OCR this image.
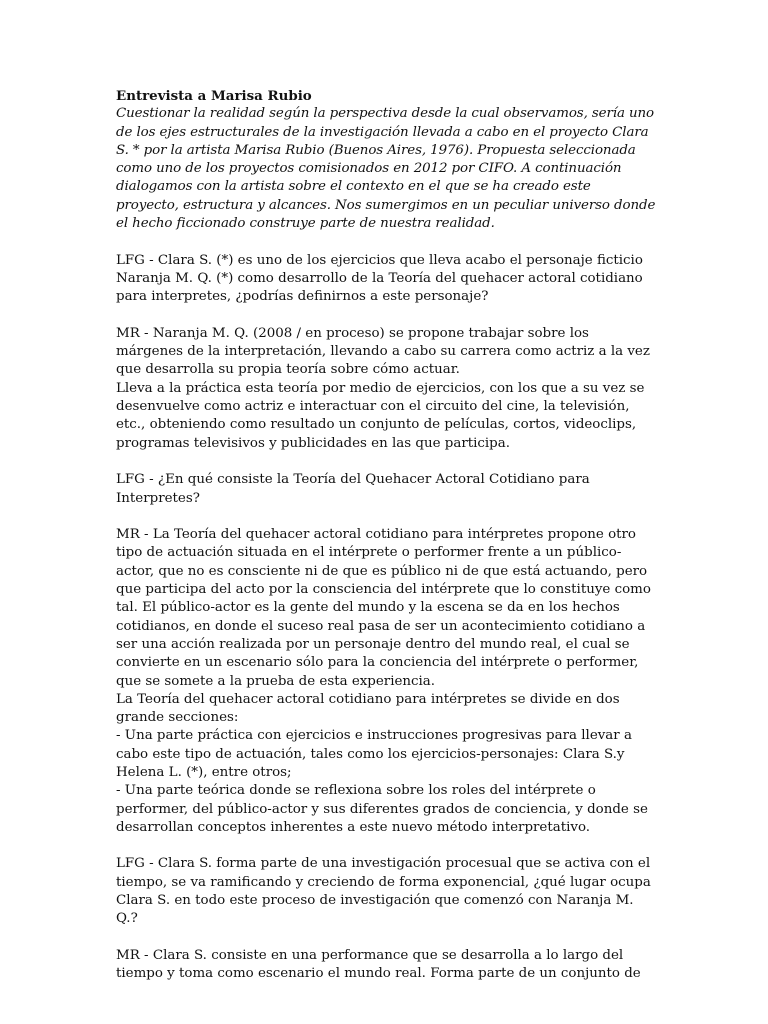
Entrevista a Marisa Rubio

Cuestionar la realidad según la perspectiva desde la cual observamos, sería uno de los ejes estructurales de la investigación llevada a cabo en el proyecto Clara S. * por la artista Marisa Rubio (Buenos Aires, 1976). Propuesta seleccionada como uno de los proyectos comisionados en 2012 por CIFO. A continuación dialogamos con la artista sobre el contexto en el que se ha creado este proyecto, estructura y alcances. Nos sumergimos en un peculiar universo donde el hecho ficcionado construye parte de nuestra realidad.

LFG - Clara S. (*) es uno de los ejercicios que lleva acabo el personaje ficticio Naranja M. Q. (*) como desarrollo de la Teoría del quehacer actoral cotidiano para interpretes, ¿podrías definirnos a este personaje?

MR - Naranja M. Q. (2008 / en proceso) se propone trabajar sobre los márgenes de la interpretación, llevando a cabo su carrera como actriz a la vez que desarrolla su propia teoría sobre cómo actuar.

Lleva a la práctica esta teoría por medio de ejercicios, con los que a su vez se desenvuelve como actriz e interactuar con el circuito del cine, la televisión, etc., obteniendo como resultado un conjunto de películas, cortos, videoclips, programas televisivos y publicidades en las que participa.

LFG - ¿En qué consiste la Teoría del Quehacer Actoral Cotidiano para Interpretes?

MR - La Teoría del quehacer actoral cotidiano para intérpretes propone otro tipo de actuación situada en el intérprete o performer frente a un público-actor, que no es consciente ni de que es público ni de que está actuando, pero que participa del acto por la consciencia del intérprete que lo constituye como tal. El público-actor es la gente del mundo y la escena se da en los hechos cotidianos, en donde el suceso real pasa de ser un acontecimiento cotidiano a ser una acción realizada por un personaje dentro del mundo real, el cual se convierte en un escenario sólo para la conciencia del intérprete o performer, que se somete a la prueba de esta experiencia.

La Teoría del quehacer actoral cotidiano para intérpretes se divide en dos grande secciones:

- Una parte práctica con ejercicios e instrucciones progresivas para llevar a cabo este tipo de actuación, tales como los ejercicios-personajes: Clara S.y Helena L. (*), entre otros;

- Una parte teórica donde se reflexiona sobre los roles del intérprete o performer, del público-actor y sus diferentes grados de conciencia, y donde se desarrollan conceptos inherentes a este nuevo método interpretativo.

LFG - Clara S. forma parte de una investigación procesual que se activa con el tiempo, se va ramificando y creciendo de forma exponencial, ¿qué lugar ocupa Clara S. en todo este proceso de investigación que comenzó con Naranja M. Q.?

MR - Clara S. consiste en una performance que se desarrolla a lo largo del tiempo y toma como escenario el mundo real. Forma parte de un conjunto de
